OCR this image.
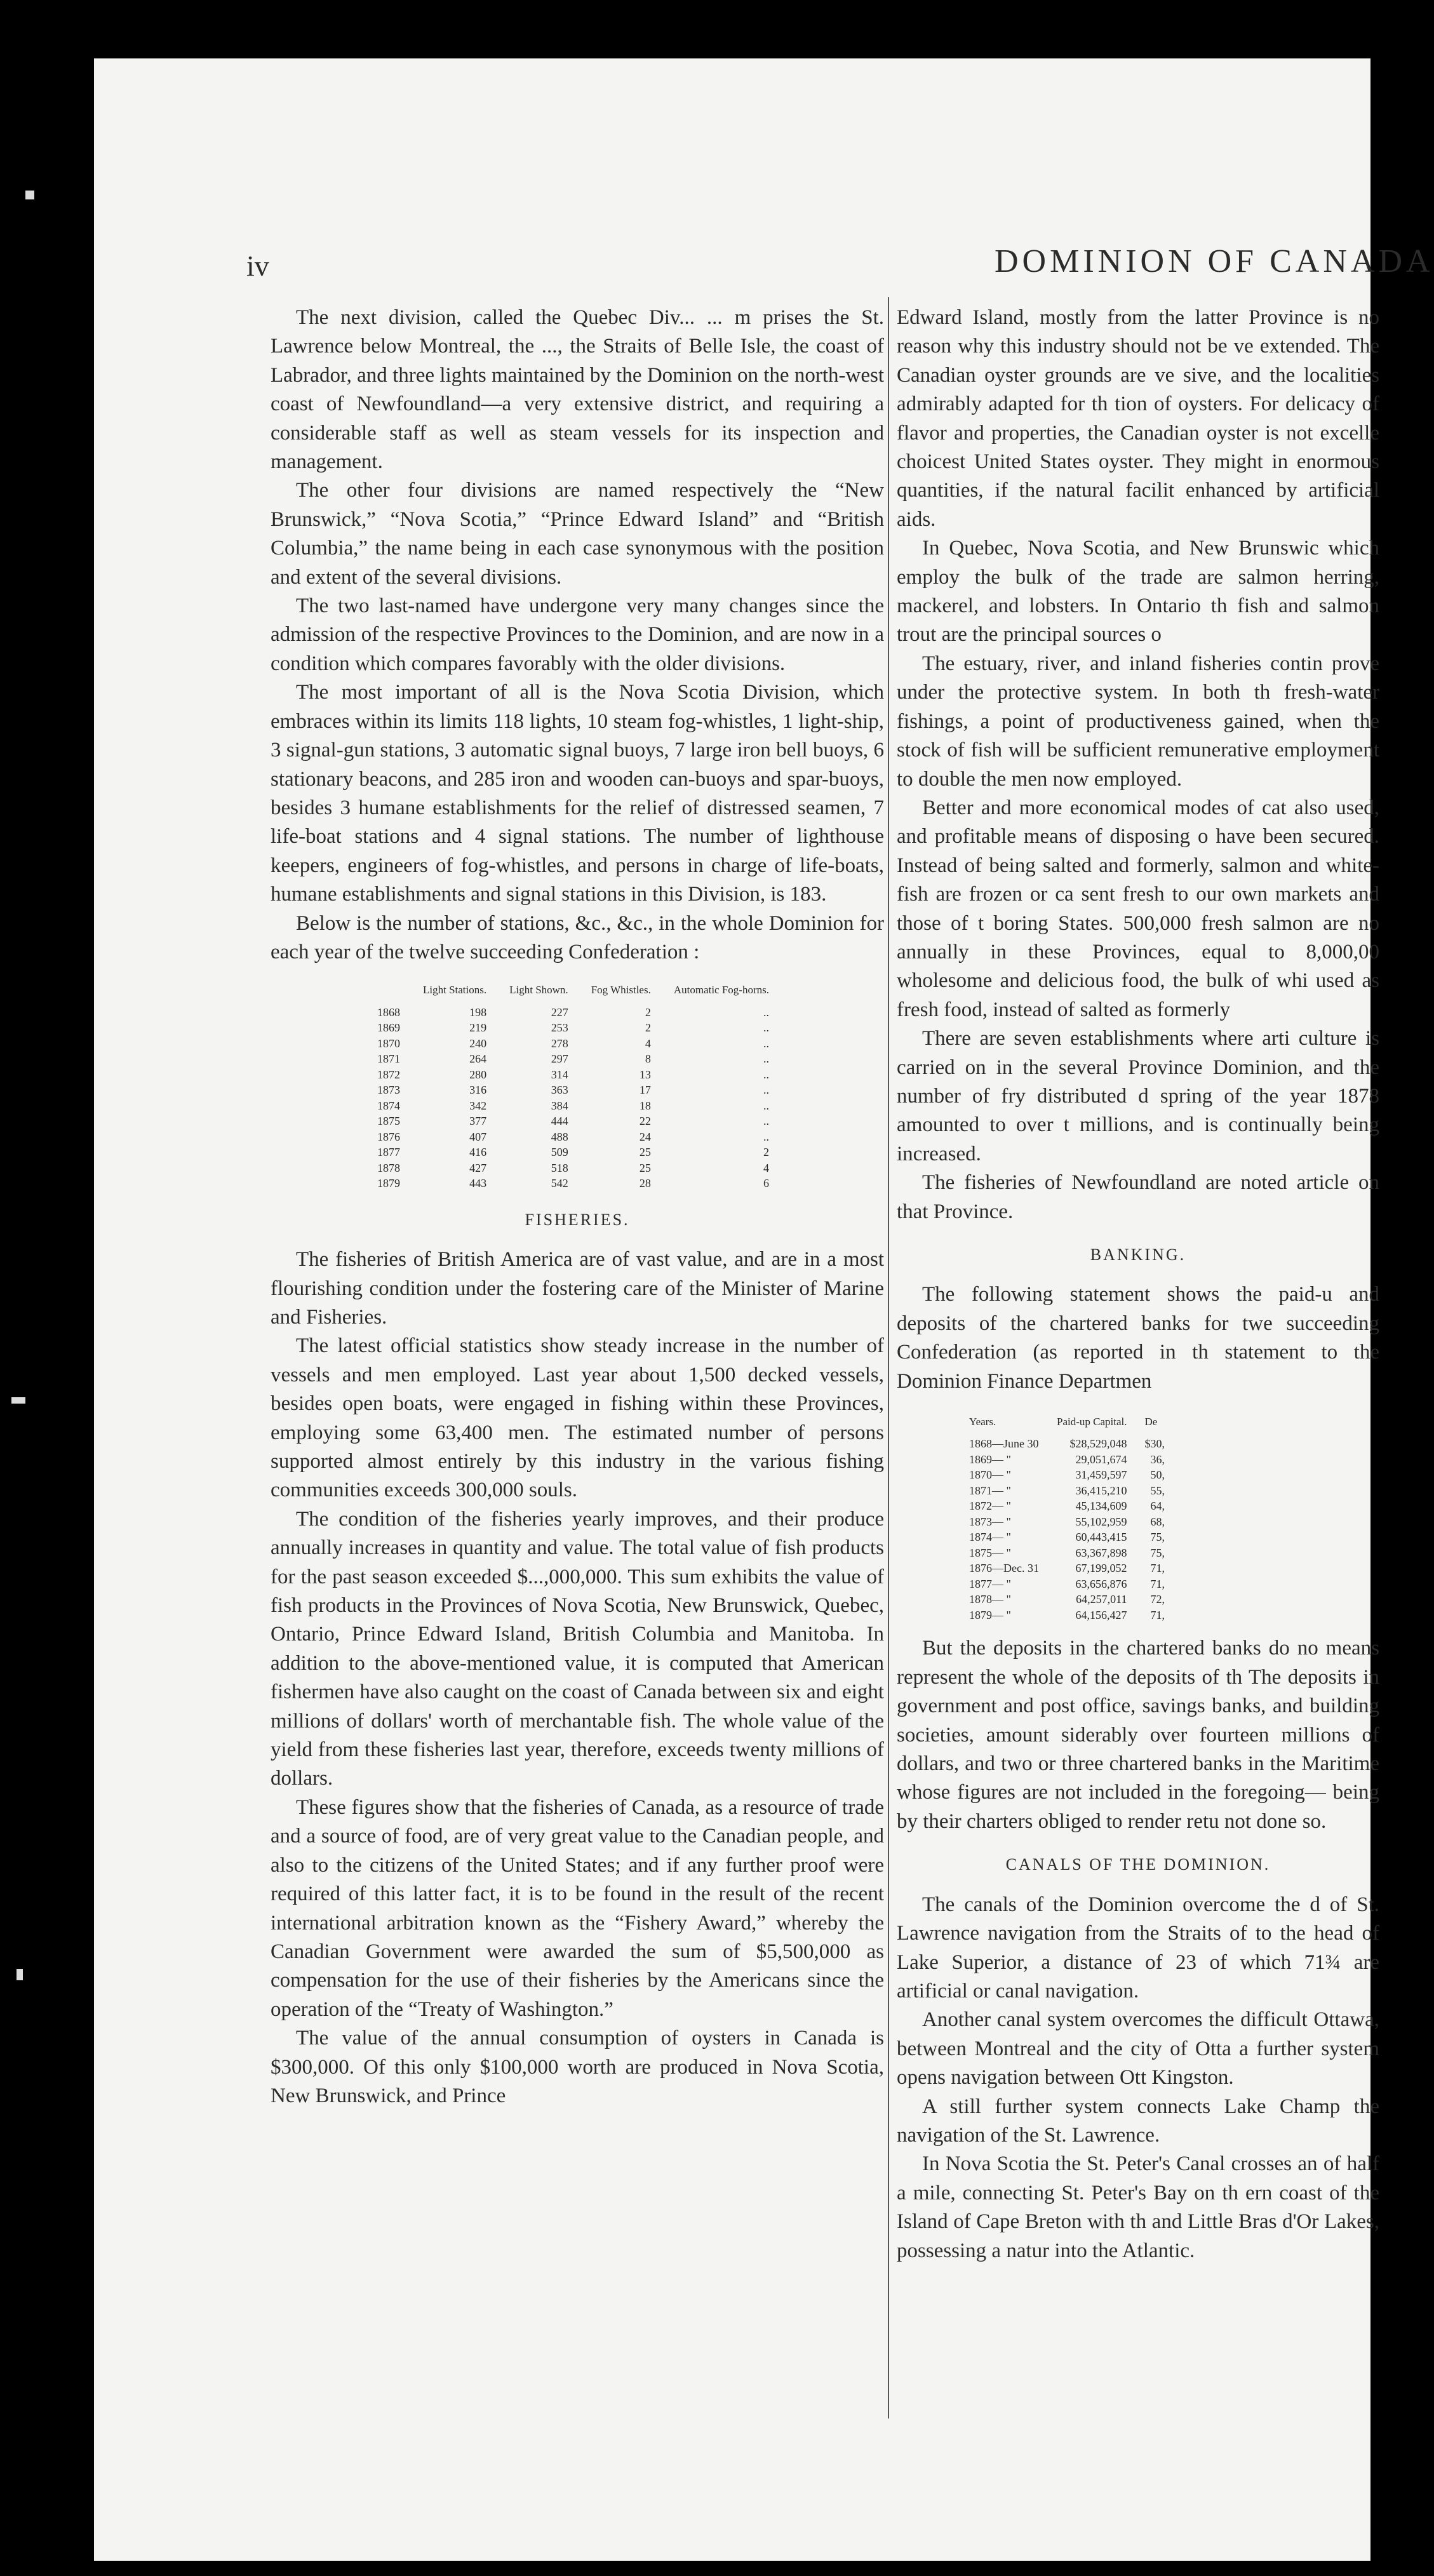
iv	DOMINION OF CANADA

The next division, called the Quebec Div... ... m prises the St. Lawrence below Montreal, the ..., the Straits of Belle Isle, the coast of Labrador, and three lights maintained by the Dominion on the north-west coast of Newfoundland—a very extensive district, and requiring a considerable staff as well as steam vessels for its inspection and management.

The other four divisions are named respectively the “New Brunswick,” “Nova Scotia,” “Prince Edward Island” and “British Columbia,” the name being in each case synonymous with the position and extent of the several divisions.

The two last-named have undergone very many changes since the admission of the respective Provinces to the Dominion, and are now in a condition which compares favorably with the older divisions.

The most important of all is the Nova Scotia Division, which embraces within its limits 118 lights, 10 steam fog-whistles, 1 light-ship, 3 signal-gun stations, 3 automatic signal buoys, 7 large iron bell buoys, 6 stationary beacons, and 285 iron and wooden can-buoys and spar-buoys, besides 3 humane establishments for the relief of distressed seamen, 7 life-boat stations and 4 signal stations. The number of lighthouse keepers, engineers of fog-whistles, and persons in charge of life-boats, humane establishments and signal stations in this Division, is 183.

Below is the number of stations, &c., &c., in the whole Dominion for each year of the twelve succeeding Confederation :

	Light Stations.	Light Shown.	Fog Whistles.	Automatic Fog-horns.
1868	198	227	2	..
1869	219	253	2	..
1870	240	278	4	..
1871	264	297	8	..
1872	280	314	13	..
1873	316	363	17	..
1874	342	384	18	..
1875	377	444	22	..
1876	407	488	24	..
1877	416	509	25	2
1878	427	518	25	4
1879	443	542	28	6
FISHERIES.

The fisheries of British America are of vast value, and are in a most flourishing condition under the fostering care of the Minister of Marine and Fisheries.

The latest official statistics show steady increase in the number of vessels and men employed. Last year about 1,500 decked vessels, besides open boats, were engaged in fishing within these Provinces, employing some 63,400 men. The estimated number of persons supported almost entirely by this industry in the various fishing communities exceeds 300,000 souls.

The condition of the fisheries yearly improves, and their produce annually increases in quantity and value. The total value of fish products for the past season exceeded $...,000,000. This sum exhibits the value of fish products in the Provinces of Nova Scotia, New Brunswick, Quebec, Ontario, Prince Edward Island, British Columbia and Manitoba. In addition to the above-mentioned value, it is computed that American fishermen have also caught on the coast of Canada between six and eight millions of dollars' worth of merchantable fish. The whole value of the yield from these fisheries last year, therefore, exceeds twenty millions of dollars.

These figures show that the fisheries of Canada, as a resource of trade and a source of food, are of very great value to the Canadian people, and also to the citizens of the United States; and if any further proof were required of this latter fact, it is to be found in the result of the recent international arbitration known as the “Fishery Award,” whereby the Canadian Government were awarded the sum of $5,500,000 as compensation for the use of their fisheries by the Americans since the operation of the “Treaty of Washington.”

The value of the annual consumption of oysters in Canada is $300,000. Of this only $100,000 worth are produced in Nova Scotia, New Brunswick, and Prince

Edward Island, mostly from the latter Province is no reason why this industry should not be ve extended. The Canadian oyster grounds are ve sive, and the localities admirably adapted for th tion of oysters. For delicacy of flavor and properties, the Canadian oyster is not excelle choicest United States oyster. They might in enormous quantities, if the natural facilit enhanced by artificial aids.

In Quebec, Nova Scotia, and New Brunswic which employ the bulk of the trade are salmon herring, mackerel, and lobsters. In Ontario th fish and salmon trout are the principal sources o

The estuary, river, and inland fisheries contin prove under the protective system. In both th fresh-water fishings, a point of productiveness gained, when the stock of fish will be sufficient remunerative employment to double the men now employed.

Better and more economical modes of cat also used, and profitable means of disposing o have been secured. Instead of being salted and formerly, salmon and white-fish are frozen or ca sent fresh to our own markets and those of t boring States. 500,000 fresh salmon are no annually in these Provinces, equal to 8,000,00 wholesome and delicious food, the bulk of whi used as fresh food, instead of salted as formerly

There are seven establishments where arti culture is carried on in the several Province Dominion, and the number of fry distributed d spring of the year 1878 amounted to over t millions, and is continually being increased.

The fisheries of Newfoundland are noted article on that Province.

BANKING.

The following statement shows the paid-u and deposits of the chartered banks for twe succeeding Confederation (as reported in th statement to the Dominion Finance Departmen

Years.	Paid-up Capital.	De
1868—June 30	$28,529,048	$30,
1869— "	29,051,674	36,
1870— "	31,459,597	50,
1871— "	36,415,210	55,
1872— "	45,134,609	64,
1873— "	55,102,959	68,
1874— "	60,443,415	75,
1875— "	63,367,898	75,
1876—Dec. 31	67,199,052	71,
1877— "	63,656,876	71,
1878— "	64,257,011	72,
1879— "	64,156,427	71,

But the deposits in the chartered banks do no means represent the whole of the deposits of th The deposits in government and post office, savings banks, and building societies, amount siderably over fourteen millions of dollars, and two or three chartered banks in the Maritime whose figures are not included in the foregoing— being by their charters obliged to render retu not done so.

CANALS OF THE DOMINION.

The canals of the Dominion overcome the d of St. Lawrence navigation from the Straits of to the head of Lake Superior, a distance of 23 of which 71¾ are artificial or canal navigation.

Another canal system overcomes the difficult Ottawa, between Montreal and the city of Otta a further system opens navigation between Ott Kingston.

A still further system connects Lake Champ the navigation of the St. Lawrence.

In Nova Scotia the St. Peter's Canal crosses an of half a mile, connecting St. Peter's Bay on th ern coast of the Island of Cape Breton with th and Little Bras d'Or Lakes, possessing a natur into the Atlantic.
